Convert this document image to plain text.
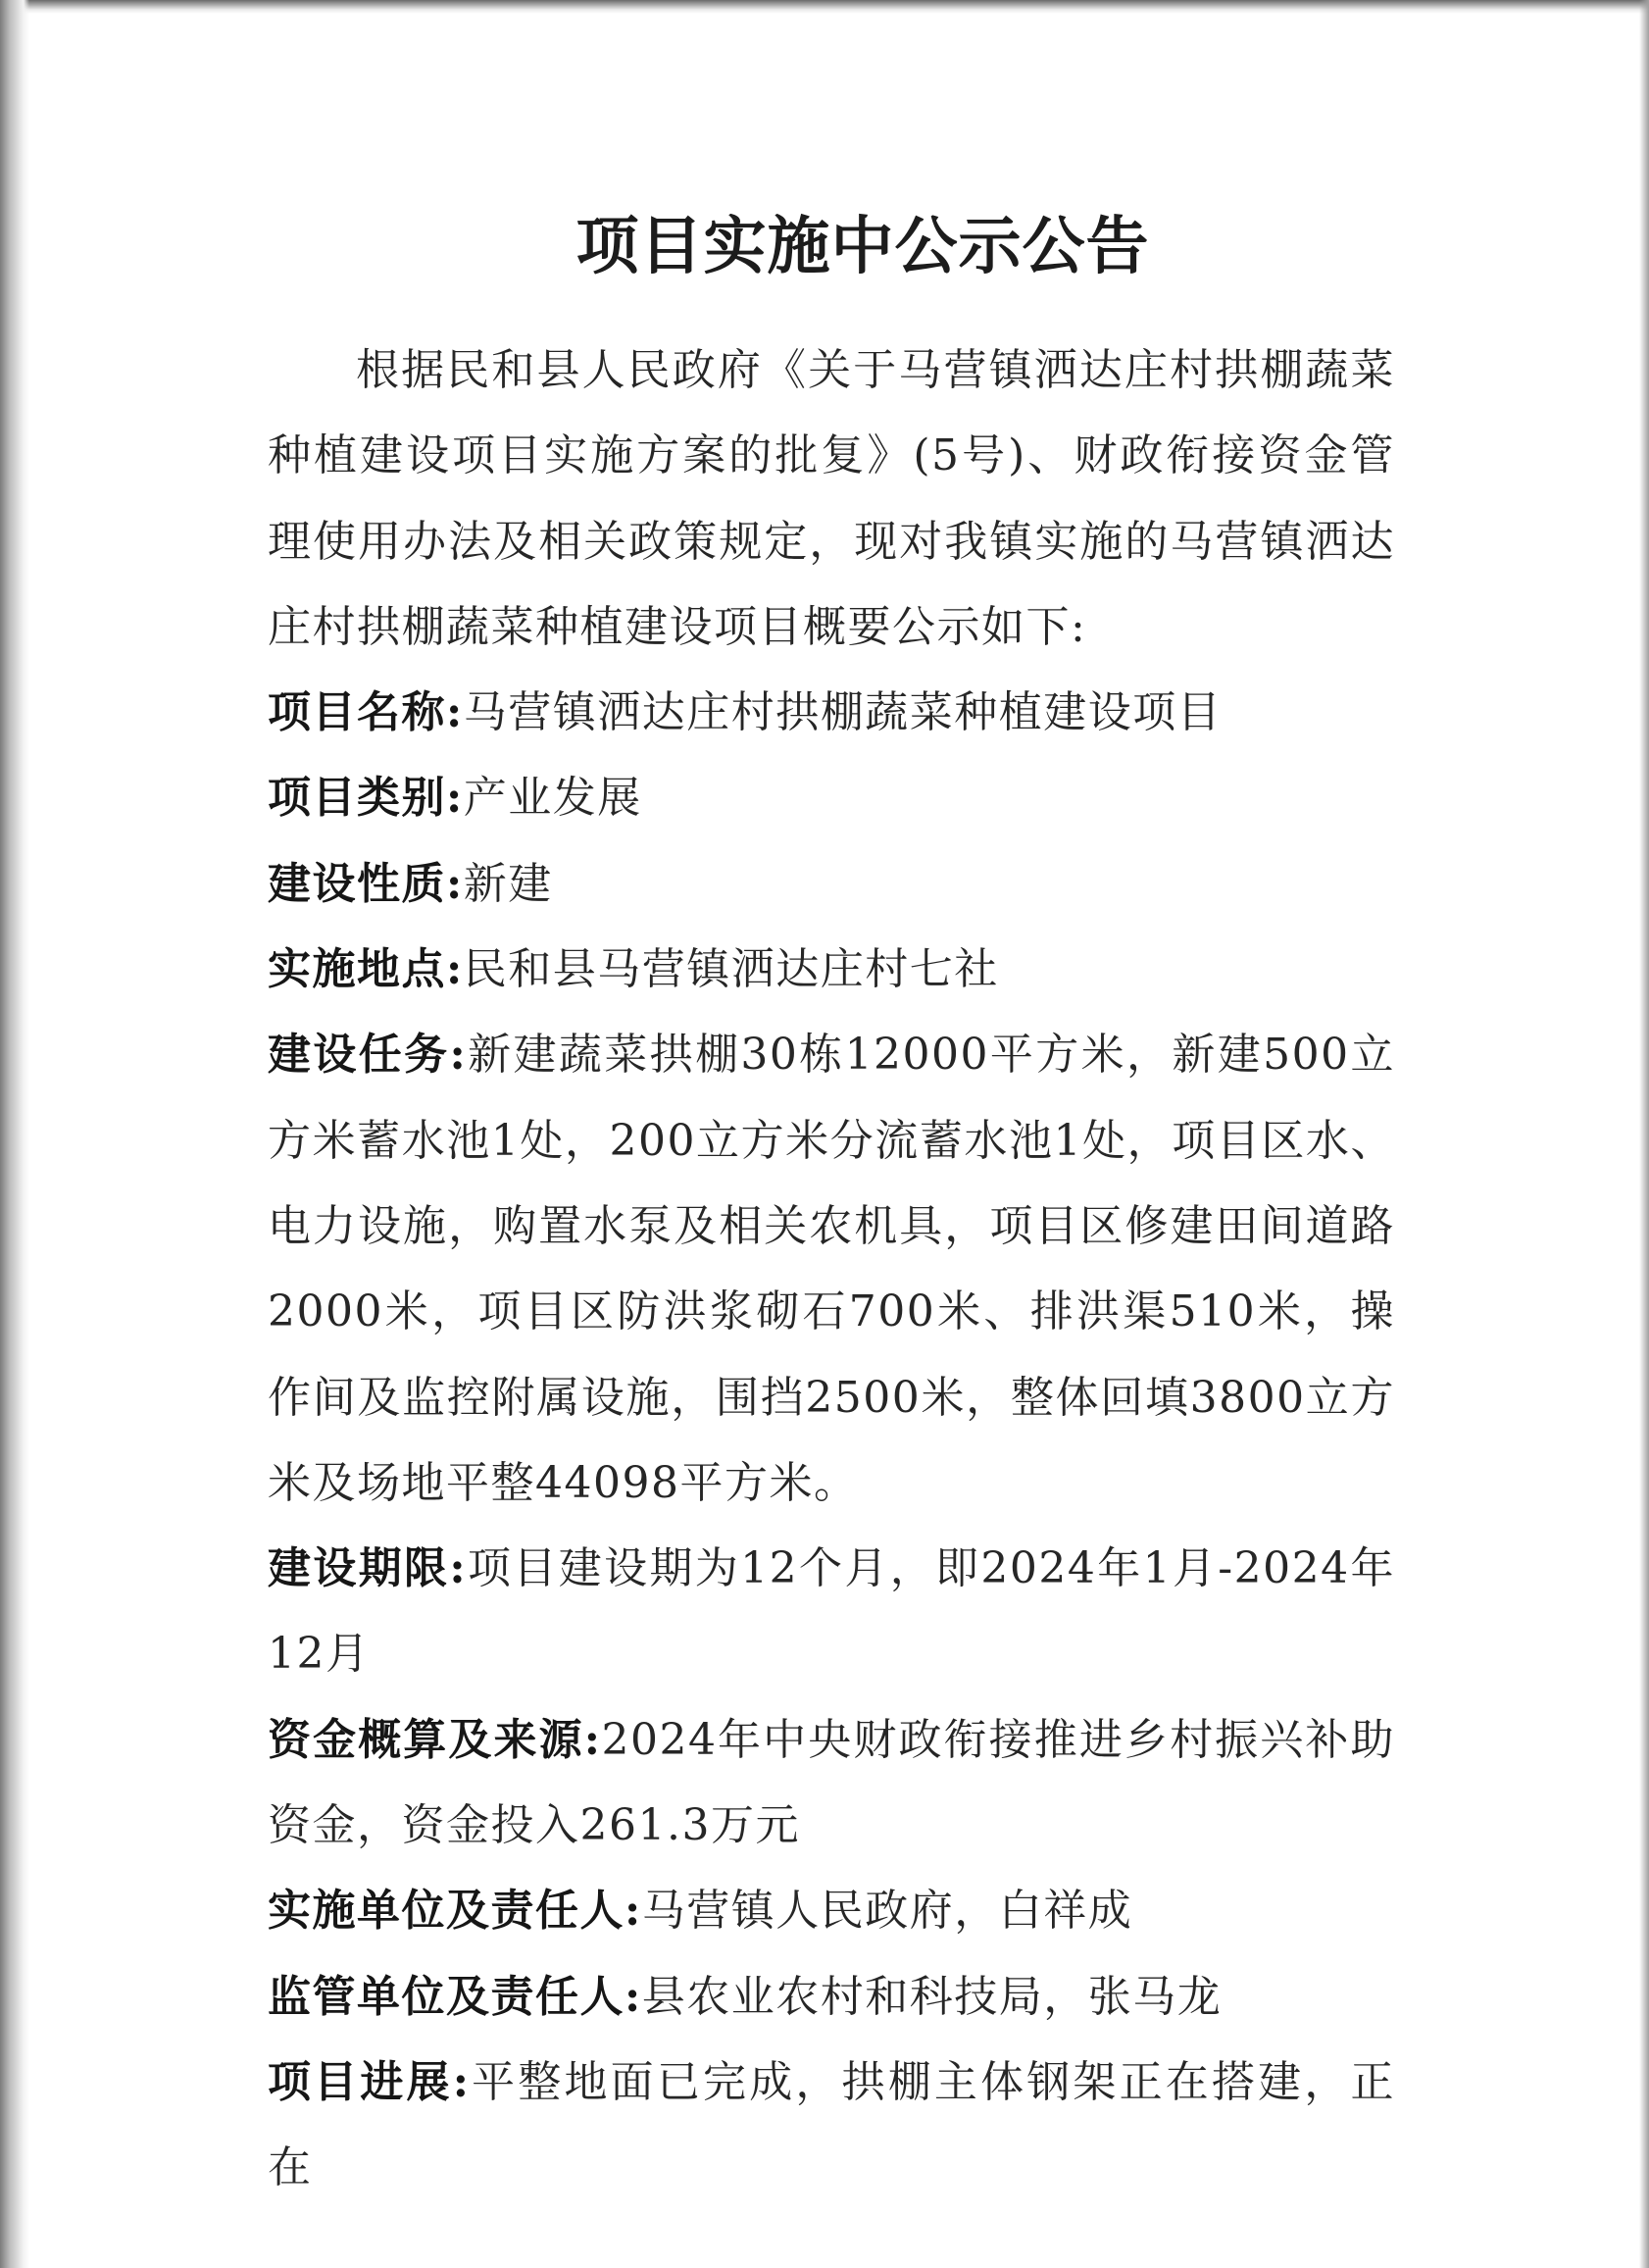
项目实施中公示公告

根据民和县人民政府《关于马营镇洒达庄村拱棚蔬菜种植建设项目实施方案的批复》(5号)、财政衔接资金管理使用办法及相关政策规定，现对我镇实施的马营镇洒达庄村拱棚蔬菜种植建设项目概要公示如下:

项目名称:马营镇洒达庄村拱棚蔬菜种植建设项目

项目类别:产业发展

建设性质:新建

实施地点:民和县马营镇洒达庄村七社

建设任务:新建蔬菜拱棚30栋12000平方米，新建500立方米蓄水池1处，200立方米分流蓄水池1处，项目区水、电力设施，购置水泵及相关农机具，项目区修建田间道路2000米，项目区防洪浆砌石700米、排洪渠510米，操作间及监控附属设施，围挡2500米，整体回填3800立方米及场地平整44098平方米。

建设期限:项目建设期为12个月，即2024年1月-2024年12月

资金概算及来源:2024年中央财政衔接推进乡村振兴补助资金，资金投入261.3万元

实施单位及责任人:马营镇人民政府，白祥成

监管单位及责任人:县农业农村和科技局，张马龙

项目进展:平整地面已完成，拱棚主体钢架正在搭建，正在
